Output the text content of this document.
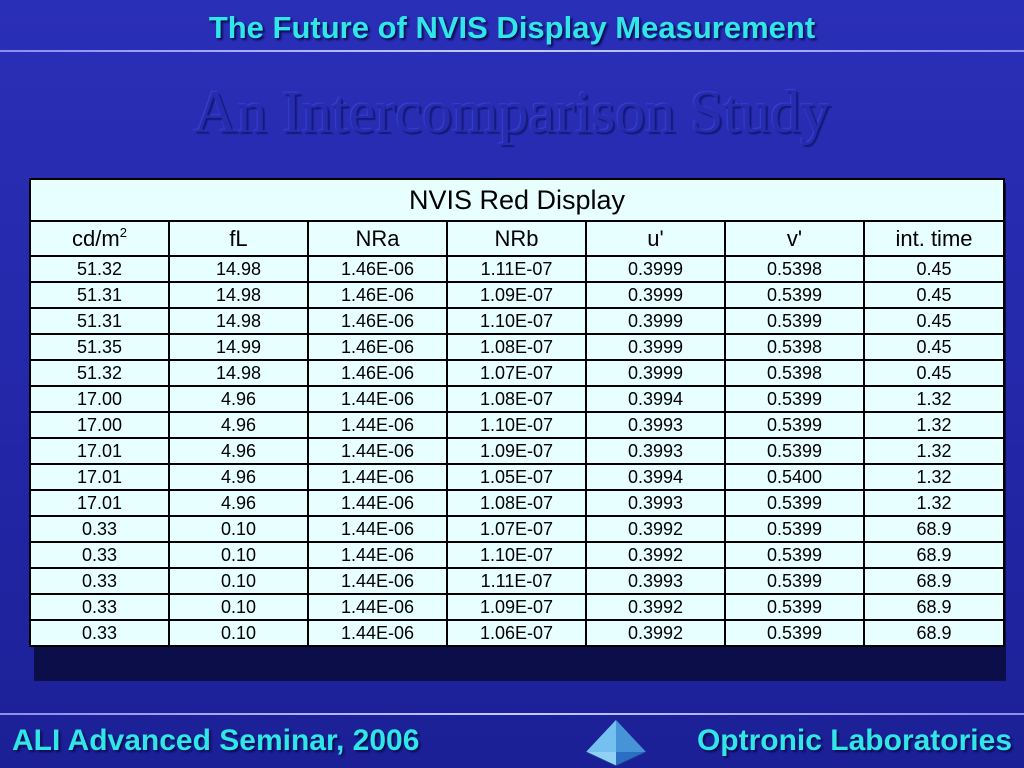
The Future of NVIS Display Measurement
An Intercomparison Study
NVIS Red Display						
$cd/m^2$	fL	NRa	NRb	u'	v'	int. time
51.32	14.98	1.46E-06	1.11E-07	0.3999	0.5398	0.45
51.31	14.98	1.46E-06	1.09E-07	0.3999	0.5399	0.45
51.31	14.98	1.46E-06	1.10E-07	0.3999	0.5399	0.45
51.35	14.99	1.46E-06	1.08E-07	0.3999	0.5398	0.45
51.32	14.98	1.46E-06	1.07E-07	0.3999	0.5398	0.45
17.00	4.96	1.44E-06	1.08E-07	0.3994	0.5399	1.32
17.00	4.96	1.44E-06	1.10E-07	0.3993	0.5399	1.32
17.01	4.96	1.44E-06	1.09E-07	0.3993	0.5399	1.32
17.01	4.96	1.44E-06	1.05E-07	0.3994	0.5400	1.32
17.01	4.96	1.44E-06	1.08E-07	0.3993	0.5399	1.32
0.33	0.10	1.44E-06	1.07E-07	0.3992	0.5399	68.9
0.33	0.10	1.44E-06	1.10E-07	0.3992	0.5399	68.9
0.33	0.10	1.44E-06	1.11E-07	0.3993	0.5399	68.9
0.33	0.10	1.44E-06	1.09E-07	0.3992	0.5399	68.9
0.33	0.10	1.44E-06	1.06E-07	0.3992	0.5399	68.9
ALI Advanced Seminar, 2006	Optronic Laboratories
